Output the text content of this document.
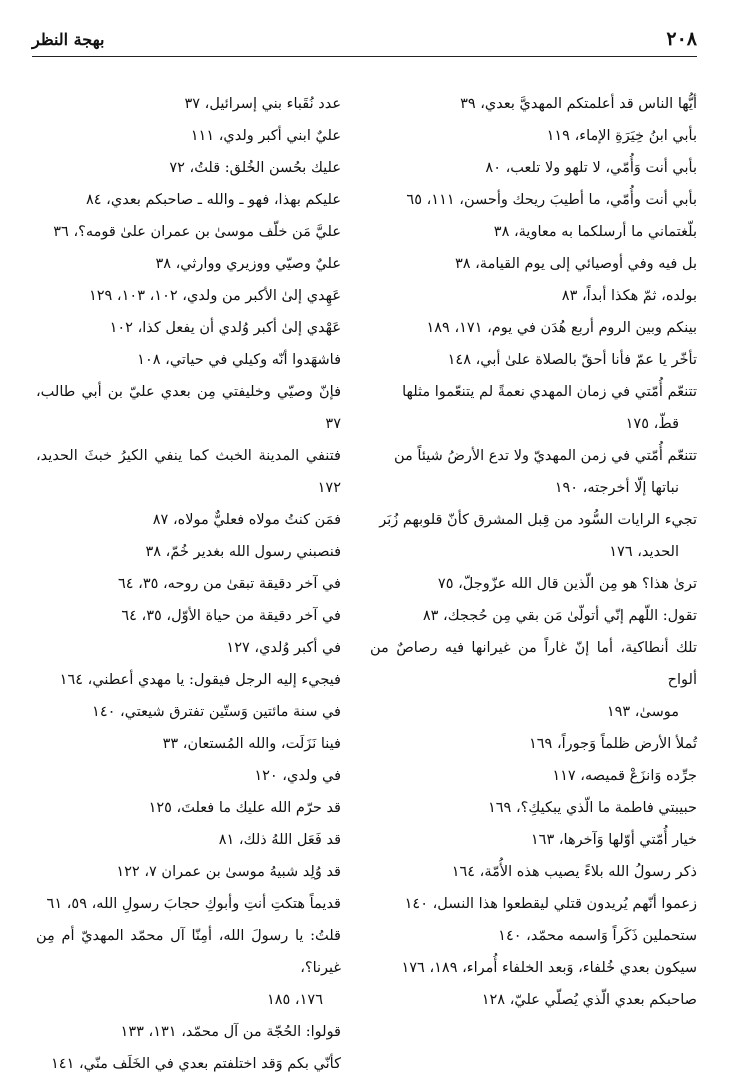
٢٠٨
بهجة النظر

أيُّها الناس قد أعلمتكم المهديَّ بعدي، ٣٩

بأبي ابنُ خِيَرَةِ الإماء، ١١٩

بأبي أنت وَأُمّي، لا تلهو ولا تلعب، ٨٠

بأبي أنت وأُمّي، ما أطيبَ ريحك وأحسن، ١١١، ٦٥

بلّغتماني ما أرسلكما به معاوية، ٣٨

بل فيه وفي أوصيائي إلى يوم القيامة، ٣٨

بولده، ثمّ هكذا أبداً، ٨٣

بينكم وبين الروم أربع هُدَن في يوم، ١٧١، ١٨٩

تأخّر يا عمّ فأنا أحقّ بالصلاة علىٰ أبي، ١٤٨

تتنعّم أُمّتي في زمان المهدي نعمةً لم يتنعّموا مثلها
قطّ، ١٧٥

تتنعّم أُمّتي في زمن المهديّ ولا تدع الأرضُ شيئاً من
نباتها إلّا أخرجته، ١٩٠

تجيء الرايات السُّود من قِبل المشرق كأنّ قلوبهم زُبَر
الحديد، ١٧٦

ترىٰ هذا؟ هو مِن الّذين قال الله عزّوجلّ، ٧٥

تقول: اللّهم إنّي أتولّىٰ مَن بقي مِن حُججك، ٨٣

تلك أنطاكية، أما إنّ غاراً من غيرانها فيه رصاصٌ من ألواح
موسىٰ، ١٩٣

تُملأ الأرض ظلماً وَجوراً، ١٦٩

جرِّده وَانزَعْ قميصه، ١١٧

حبيبتي فاطمة ما الّذي يبكيكِ؟، ١٦٩

خيار أُمّتي أوّلها وَآخرها، ١٦٣

ذكر رسولُ الله بلاءً يصيب هذه الأُمّة، ١٦٤

زعموا أنّهم يُريدون قتلي ليقطعوا هذا النسل، ١٤٠

ستحملين ذَكَراً وَاسمه محمّد، ١٤٠

سيكون بعدي خُلفاء، وَبعد الخلفاء أُمراء، ١٨٩، ١٧٦

صاحبكم بعدي الّذي يُصلّي عليّ، ١٢٨

عدد نُقَباء بني إسرائيل، ٣٧

عليٌ ابني أكبر ولدي، ١١١

عليك بحُسن الخُلق: قلتُ، ٧٢

عليكم بهذا، فهو ـ والله ـ صاحبكم بعدي، ٨٤

عليَّ مَن خلّف موسىٰ بن عمران علىٰ قومه؟، ٣٦

عليٌ وصيّي ووزيري ووارثي، ٣٨

عَهِدي إلىٰ الأكبر من ولدي، ١٠٢، ١٠٣، ١٢٩

عَهْدي إلىٰ أكبر وُلدي أن يفعل كذا، ١٠٢

فاشهَدوا أنّه وكيلي في حياتي، ١٠٨

فإنّ وصيّي وخليفتي مِن بعدي عليّ بن أبي طالب، ٣٧

فتنفي المدينة الخبث كما ينفي الكيرُ خبثَ الحديد، ١٧٢

فمَن كنتُ مولاه فعليٌّ مولاه، ٨٧

فنصبني رسول الله بغدير خُمّ، ٣٨

في آخر دقيقة تبقىٰ من روحه، ٣٥، ٦٤

في آخر دقيقة من حياة الأوّل، ٣٥، ٦٤

في أكبر وُلدي، ١٢٧

فيجيء إليه الرجل فيقول: يا مهدي أعطني، ١٦٤

في سنة مائتين وَستّين تفترق شيعتي، ١٤٠

فينا نَزَلَت، والله المُستعان، ٣٣

في ولدي، ١٢٠

قد حرّم الله عليك ما فعلتَ، ١٢٥

قد فَعَل اللهُ ذلك، ٨١

قد وُلِد شبيهُ موسىٰ بن عمران ٧، ١٢٢

قديماً هتكتِ أنتِ وأبوكِ حجابَ رسولِ الله، ٥٩، ٦١

قلتُ: يا رسولَ الله، أمِنّا آل محمّد المهديّ أم مِن غيرنا؟،
١٧٦، ١٨٥

قولوا: الحُجّة من آل محمّد، ١٣١، ١٣٣

كأنّي بكم وَقد اختلفتم بعدي في الخَلَف منّي، ١٤١
